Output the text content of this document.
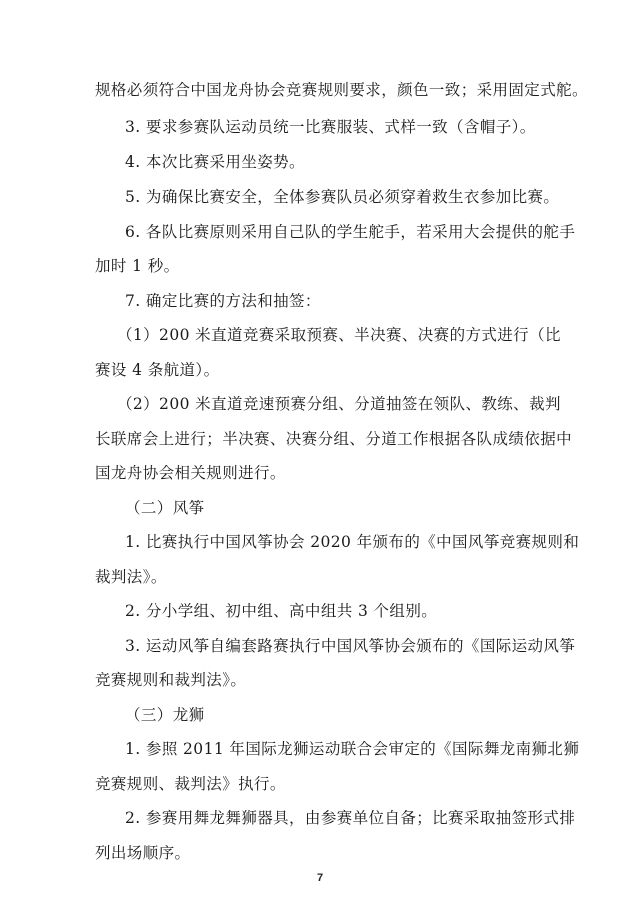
规格必须符合中国龙舟协会竞赛规则要求，颜色一致；采用固定式舵。
3. 要求参赛队运动员统一比赛服装、式样一致（含帽子）。
4. 本次比赛采用坐姿势。
5. 为确保比赛安全，全体参赛队员必须穿着救生衣参加比赛。
6. 各队比赛原则采用自己队的学生舵手，若采用大会提供的舵手
加时 1 秒。
7. 确定比赛的方法和抽签：
（1）200 米直道竞赛采取预赛、半决赛、决赛的方式进行（比
赛设 4 条航道）。
（2）200 米直道竞速预赛分组、分道抽签在领队、教练、裁判
长联席会上进行；半决赛、决赛分组、分道工作根据各队成绩依据中
国龙舟协会相关规则进行。
（二）风筝
1. 比赛执行中国风筝协会 2020 年颁布的《中国风筝竞赛规则和
裁判法》。
2. 分小学组、初中组、高中组共 3 个组别。
3. 运动风筝自编套路赛执行中国风筝协会颁布的《国际运动风筝
竞赛规则和裁判法》。
（三）龙狮
1. 参照 2011 年国际龙狮运动联合会审定的《国际舞龙南狮北狮
竞赛规则、裁判法》执行。
2. 参赛用舞龙舞狮器具，由参赛单位自备；比赛采取抽签形式排
列出场顺序。
7
